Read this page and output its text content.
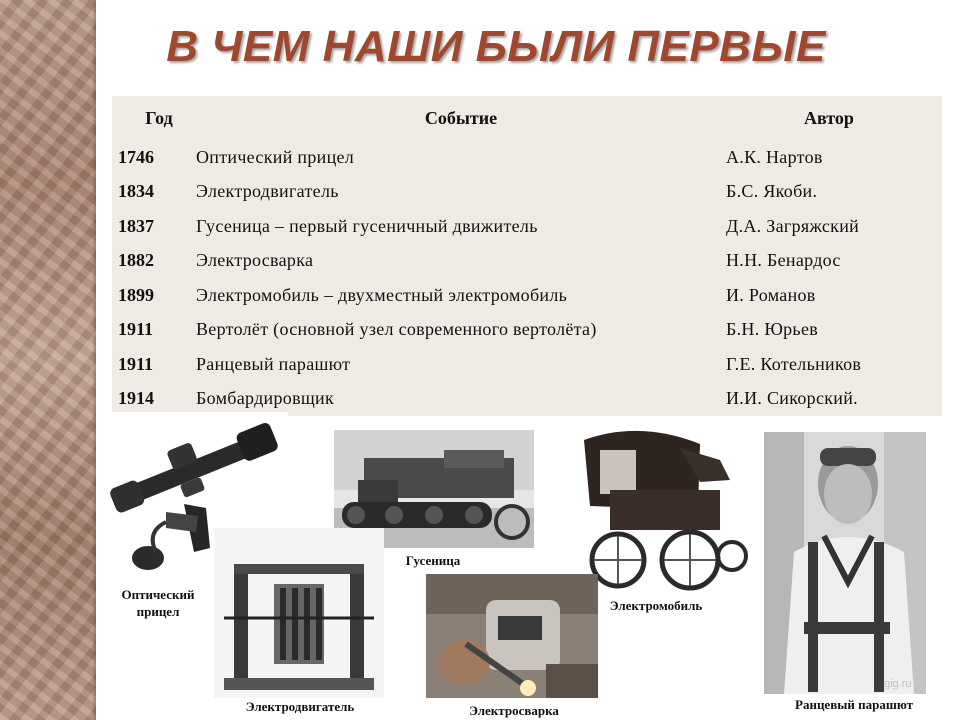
В ЧЕМ НАШИ БЫЛИ ПЕРВЫЕ
Год	Событие	Автор
1746	Оптический прицел	А.К. Нартов
1834	Электродвигатель	Б.С. Якоби.
1837	Гусеница – первый гусеничный движитель	Д.А. Загряжский
1882	Электросварка	Н.Н. Бенардос
1899	Электромобиль – двухместный электромобиль	И. Романов
1911	Вертолёт (основной узел современного вертолёта)	Б.Н. Юрьев
1911	Ранцевый парашют	Г.Е. Котельников
1914	Бомбардировщик	И.И. Сикорский.
Оптический прицел
Гусеница
Электромобиль
Ранцевый парашют
Электродвигатель	Электросварка
gig.ru
